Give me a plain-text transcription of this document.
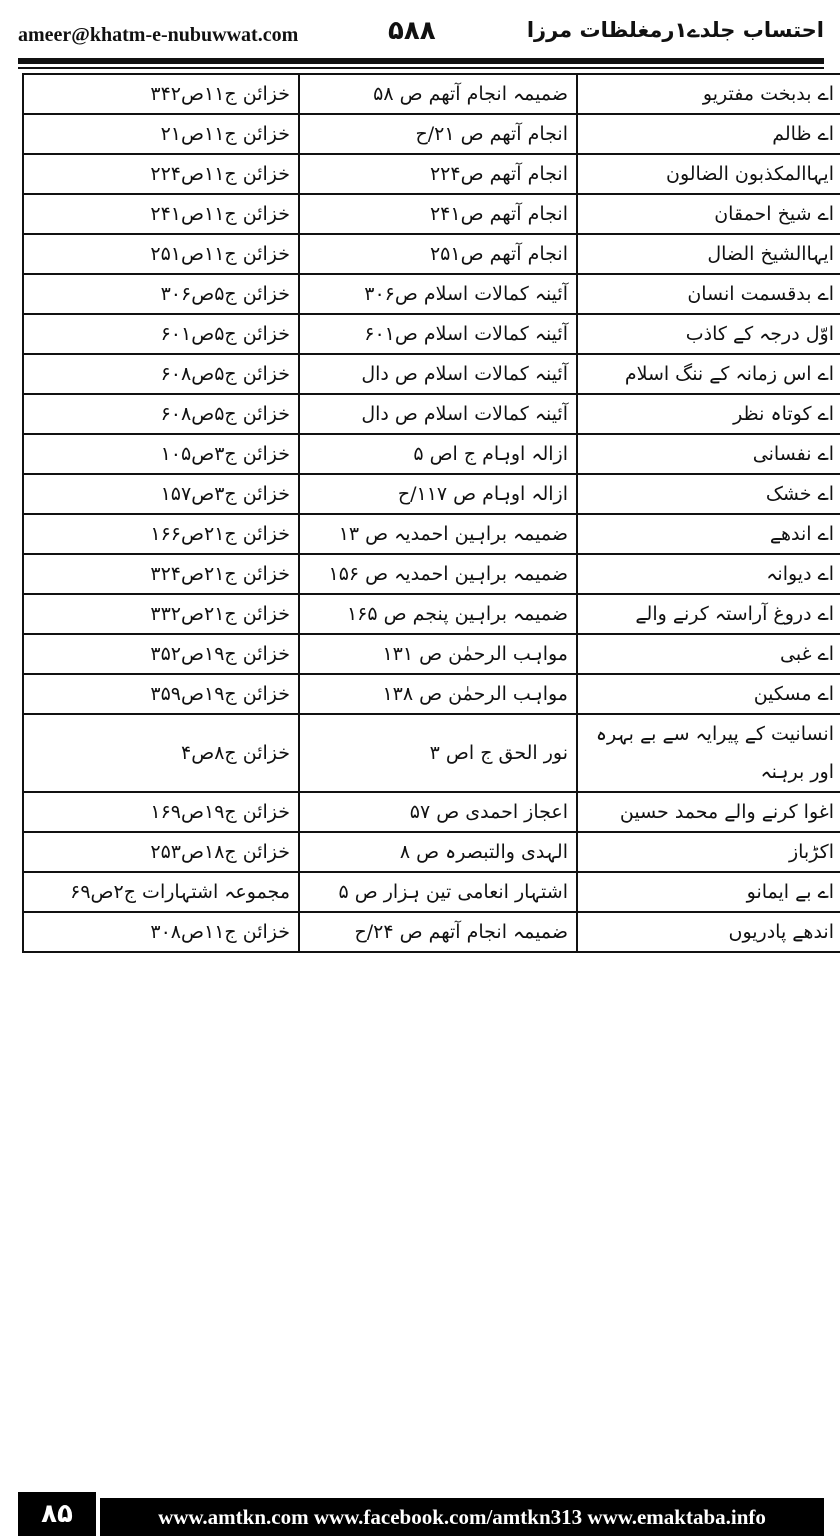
ameer@khatm-e-nubuwwat.com	۵۸۸	احتساب جلدے۱رمغلظات مرزا
اے بدبخت مفتریو	ضمیمہ انجام آتھم ص ۵۸	خزائن ج۱۱ص۳۴۲
اے ظالم	انجام آتھم ص ۲۱/ح	خزائن ج۱۱ص۲۱
ایہاالمکذبون الضالون	انجام آتھم ص۲۲۴	خزائن ج۱۱ص۲۲۴
اے شیخ احمقان	انجام آتھم ص۲۴۱	خزائن ج۱۱ص۲۴۱
ایہاالشیخ الضال	انجام آتھم ص۲۵۱	خزائن ج۱۱ص۲۵۱
اے بدقسمت انسان	آئینہ کمالات اسلام ص۳۰۶	خزائن ج۵ص۳۰۶
اوّل درجہ کے کاذب	آئینہ کمالات اسلام ص۶۰۱	خزائن ج۵ص۶۰۱
اے اس زمانہ کے ننگ اسلام	آئینہ کمالات اسلام ص دال	خزائن ج۵ص۶۰۸
اے کوتاہ نظر	آئینہ کمالات اسلام ص دال	خزائن ج۵ص۶۰۸
اے نفسانی	ازالہ اوہام ج اص ۵	خزائن ج۳ص۱۰۵
اے خشک	ازالہ اوہام ص ۱۱۷/ح	خزائن ج۳ص۱۵۷
اے اندھے	ضمیمہ براہین احمدیہ ص ۱۳	خزائن ج۲۱ص۱۶۶
اے دیوانہ	ضمیمہ براہین احمدیہ ص ۱۵۶	خزائن ج۲۱ص۳۲۴
اے دروغ آراستہ کرنے والے	ضمیمہ براہین پنجم ص ۱۶۵	خزائن ج۲۱ص۳۳۲
اے غبی	مواہب الرحمٰن ص ۱۳۱	خزائن ج۱۹ص۳۵۲
اے مسکین	مواہب الرحمٰن ص ۱۳۸	خزائن ج۱۹ص۳۵۹
انسانیت کے پیرایہ سے بے بہرہ اور برہنہ	نور الحق ج اص ۳	خزائن ج۸ص۴
اغوا کرنے والے محمد حسین	اعجاز احمدی ص ۵۷	خزائن ج۱۹ص۱۶۹
اکڑباز	الہدی والتبصرہ ص ۸	خزائن ج۱۸ص۲۵۳
اے بے ایمانو	اشتہار انعامی تین ہزار ص ۵	مجموعہ اشتہارات ج۲ص۶۹
اندھے پادریوں	ضمیمہ انجام آتھم ص ۲۴/ح	خزائن ج۱۱ص۳۰۸
۸۵	www.amtkn.com www.facebook.com/amtkn313 www.emaktaba.info
